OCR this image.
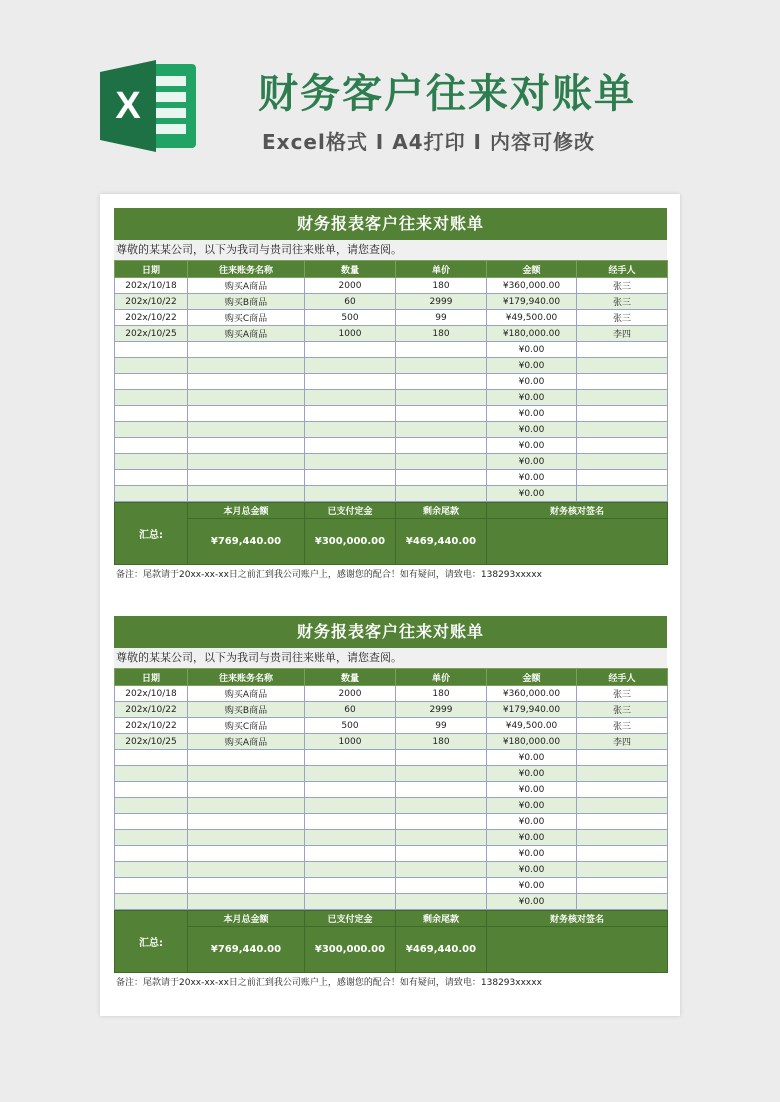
X	财务客户往来对账单
Excel格式 I A4打印 I 内容可修改
财务报表客户往来对账单
尊敬的某某公司，以下为我司与贵司往来账单，请您查阅。
日期	往来账务名称	数量	单价	金额	经手人
202x/10/18	购买A商品	2000	180	¥360,000.00	张三
202x/10/22	购买B商品	60	2999	¥179,940.00	张三
202x/10/22	购买C商品	500	99	¥49,500.00	张三
202x/10/25	购买A商品	1000	180	¥180,000.00	李四
				¥0.00	
				¥0.00	
				¥0.00	
				¥0.00	
				¥0.00	
				¥0.00	
				¥0.00	
				¥0.00	
				¥0.00	
				¥0.00	
汇总:	本月总金额	已支付定金	剩余尾款	财务核对签名
	¥769,440.00	¥300,000.00	¥469,440.00	
备注：尾款请于20xx-xx-xx日之前汇到我公司账户上，感谢您的配合！如有疑问，请致电：138293xxxxx
财务报表客户往来对账单
尊敬的某某公司，以下为我司与贵司往来账单，请您查阅。
日期	往来账务名称	数量	单价	金额	经手人
202x/10/18	购买A商品	2000	180	¥360,000.00	张三
202x/10/22	购买B商品	60	2999	¥179,940.00	张三
202x/10/22	购买C商品	500	99	¥49,500.00	张三
202x/10/25	购买A商品	1000	180	¥180,000.00	李四
				¥0.00	
				¥0.00	
				¥0.00	
				¥0.00	
				¥0.00	
				¥0.00	
				¥0.00	
				¥0.00	
				¥0.00	
				¥0.00	
汇总:	本月总金额	已支付定金	剩余尾款	财务核对签名
	¥769,440.00	¥300,000.00	¥469,440.00	
备注：尾款请于20xx-xx-xx日之前汇到我公司账户上，感谢您的配合！如有疑问，请致电：138293xxxxx
